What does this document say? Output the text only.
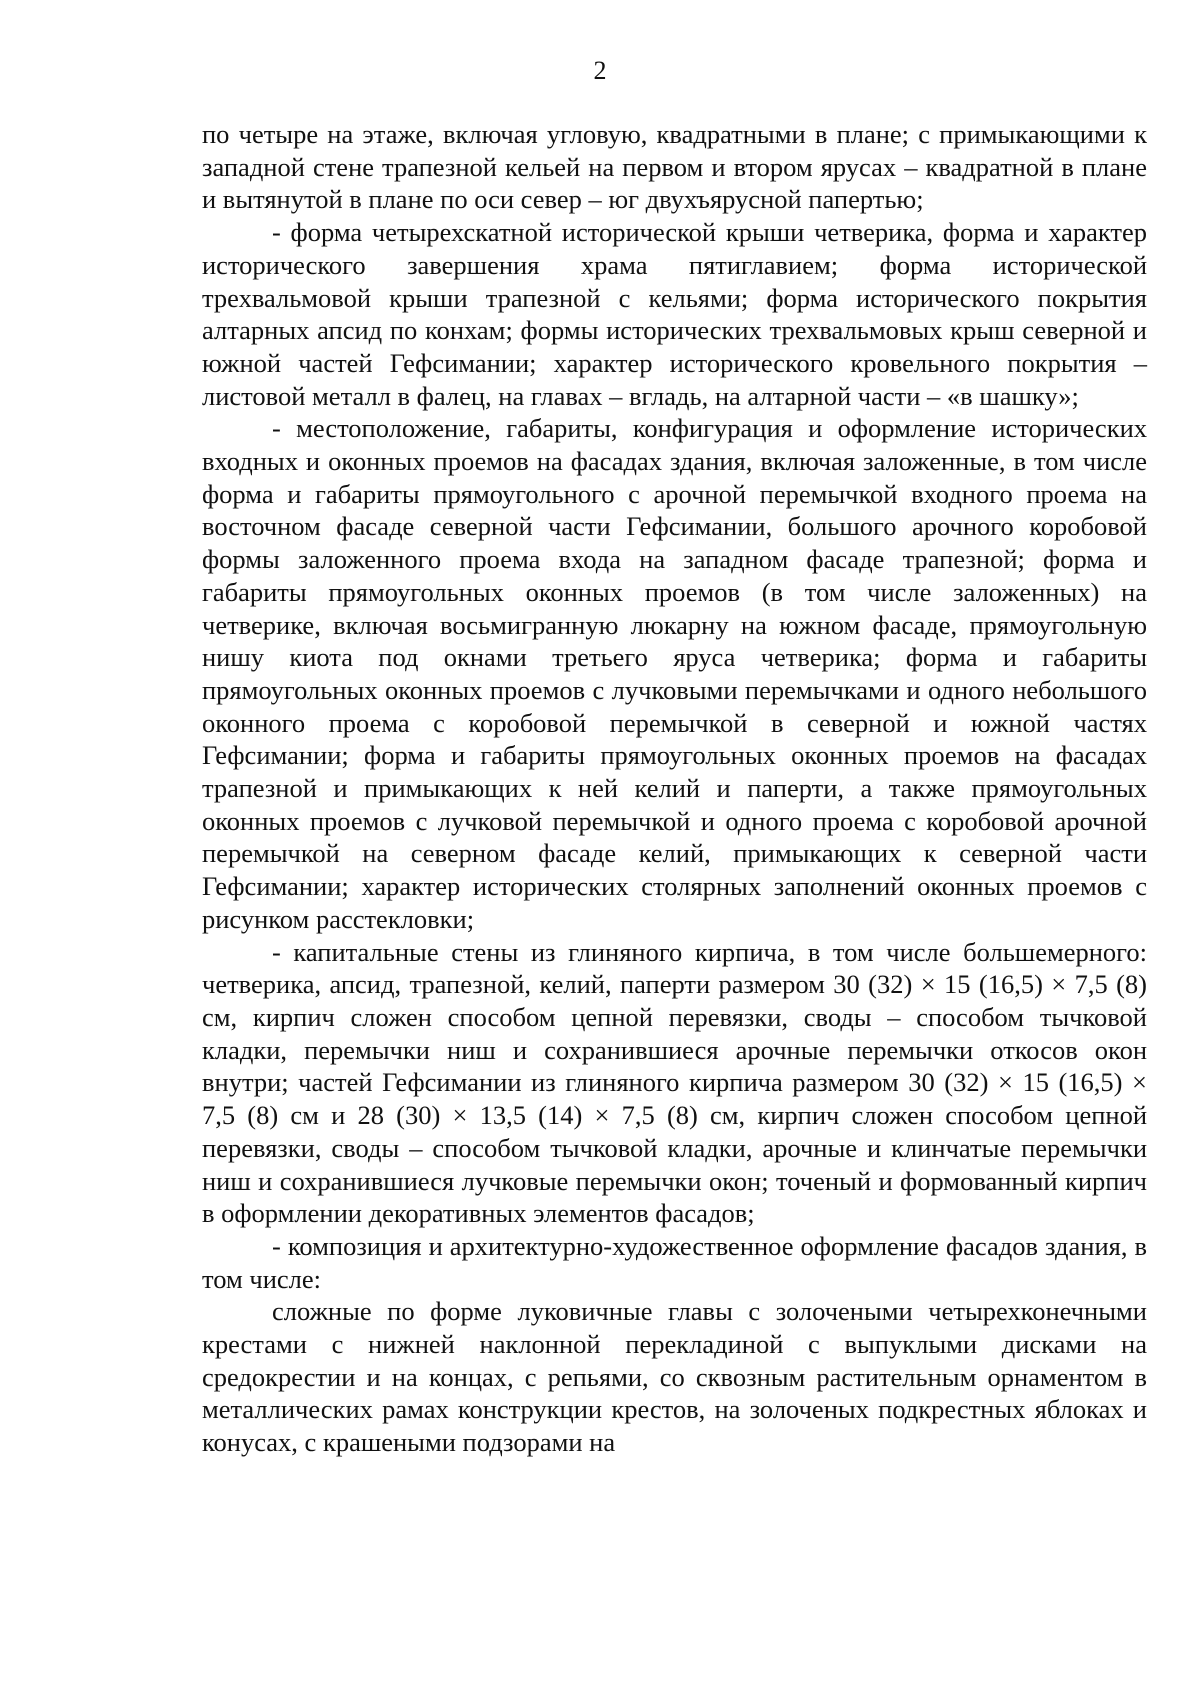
2

по четыре на этаже, включая угловую, квадратными в плане; с примыкающими к западной стене трапезной кельей на первом и втором ярусах – квадратной в плане и вытянутой в плане по оси север – юг двухъярусной папертью;

- форма четырехскатной исторической крыши четверика, форма и характер исторического завершения храма пятиглавием; форма исторической трехвальмовой крыши трапезной с кельями; форма исторического покрытия алтарных апсид по конхам; формы исторических трехвальмовых крыш северной и южной частей Гефсимании; характер исторического кровельного покрытия – листовой металл в фалец, на главах – вгладь, на алтарной части – «в шашку»;

- местоположение, габариты, конфигурация и оформление исторических входных и оконных проемов на фасадах здания, включая заложенные, в том числе форма и габариты прямоугольного с арочной перемычкой входного проема на восточном фасаде северной части Гефсимании, большого арочного коробовой формы заложенного проема входа на западном фасаде трапезной; форма и габариты прямоугольных оконных проемов (в том числе заложенных) на четверике, включая восьмигранную люкарну на южном фасаде, прямоугольную нишу киота под окнами третьего яруса четверика; форма и габариты прямоугольных оконных проемов с лучковыми перемычками и одного небольшого оконного проема с коробовой перемычкой в северной и южной частях Гефсимании; форма и габариты прямоугольных оконных проемов на фасадах трапезной и примыкающих к ней келий и паперти, а также прямоугольных оконных проемов с лучковой перемычкой и одного проема с коробовой арочной перемычкой на северном фасаде келий, примыкающих к северной части Гефсимании; характер исторических столярных заполнений оконных проемов с рисунком расстекловки;

- капитальные стены из глиняного кирпича, в том числе большемерного: четверика, апсид, трапезной, келий, паперти размером 30 (32) × 15 (16,5) × 7,5 (8) см, кирпич сложен способом цепной перевязки, своды – способом тычковой кладки, перемычки ниш и сохранившиеся арочные перемычки откосов окон внутри; частей Гефсимании из глиняного кирпича размером 30 (32) × 15 (16,5) × 7,5 (8) см и 28 (30) × 13,5 (14) × 7,5 (8) см, кирпич сложен способом цепной перевязки, своды – способом тычковой кладки, арочные и клинчатые перемычки ниш и сохранившиеся лучковые перемычки окон; точеный и формованный кирпич в оформлении декоративных элементов фасадов;

- композиция и архитектурно-художественное оформление фасадов здания, в том числе:

сложные по форме луковичные главы с золочеными четырехконечными крестами с нижней наклонной перекладиной с выпуклыми дисками на средокрестии и на концах, с репьями, со сквозным растительным орнаментом в металлических рамах конструкции крестов, на золоченых подкрестных яблоках и конусах, с крашеными подзорами на
